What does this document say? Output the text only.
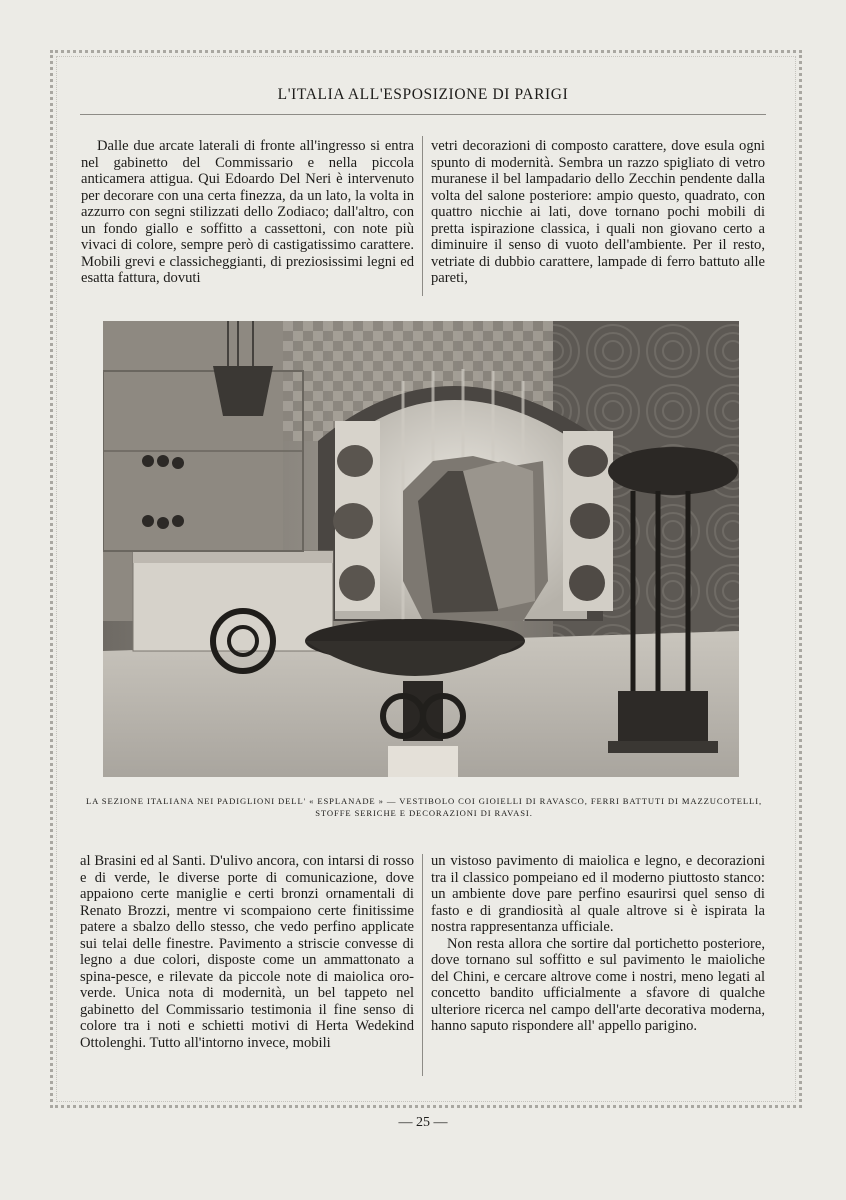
L'ITALIA ALL'ESPOSIZIONE DI PARIGI

Dalle due arcate laterali di fronte all'ingresso si entra nel gabinetto del Commissario e nella piccola anticamera attigua. Qui Edoardo Del Neri è intervenuto per decorare con una certa finezza, da un lato, la volta in azzurro con segni stilizzati dello Zodiaco; dall'altro, con un fondo giallo e soffitto a cassettoni, con note più vivaci di colore, sempre però di castigatissimo carattere. Mobili grevi e classicheggianti, di preziosissimi legni ed esatta fattura, dovuti

vetri decorazioni di composto carattere, dove esula ogni spunto di modernità. Sembra un razzo spigliato di vetro muranese il bel lampadario dello Zecchin pendente dalla volta del salone posteriore: ampio questo, quadrato, con quattro nicchie ai lati, dove tornano pochi mobili di pretta ispirazione classica, i quali non giovano certo a diminuire il senso di vuoto dell'ambiente. Per il resto, vetriate di dubbio carattere, lampade di ferro battuto alle pareti,

LA SEZIONE ITALIANA NEI PADIGLIONI DELL' « ESPLANADE » — VESTIBOLO COI GIOIELLI DI RAVASCO, FERRI BATTUTI DI MAZZUCOTELLI, STOFFE SERICHE E DECORAZIONI DI RAVASI.

al Brasini ed al Santi. D'ulivo ancora, con intarsi di rosso e di verde, le diverse porte di comunicazione, dove appaiono certe maniglie e certi bronzi ornamentali di Renato Brozzi, mentre vi scompaiono certe finitissime patere a sbalzo dello stesso, che vedo perfino applicate sui telai delle finestre. Pavimento a striscie convesse di legno a due colori, disposte come un ammattonato a spina-pesce, e rilevate da piccole note di maiolica oro-verde. Unica nota di modernità, un bel tappeto nel gabinetto del Commissario testimonia il fine senso di colore tra i noti e schietti motivi di Herta Wedekind Ottolenghi. Tutto all'intorno invece, mobili

un vistoso pavimento di maiolica e legno, e decorazioni tra il classico pompeiano ed il moderno piuttosto stanco: un ambiente dove pare perfino esaurirsi quel senso di fasto e di grandiosità al quale altrove si è ispirata la nostra rappresentanza ufficiale.

Non resta allora che sortire dal portichetto posteriore, dove tornano sul soffitto e sul pavimento le maioliche del Chini, e cercare altrove come i nostri, meno legati al concetto bandito ufficialmente a sfavore di qualche ulteriore ricerca nel campo dell'arte decorativa moderna, hanno saputo rispondere all' appello parigino.

— 25 —
